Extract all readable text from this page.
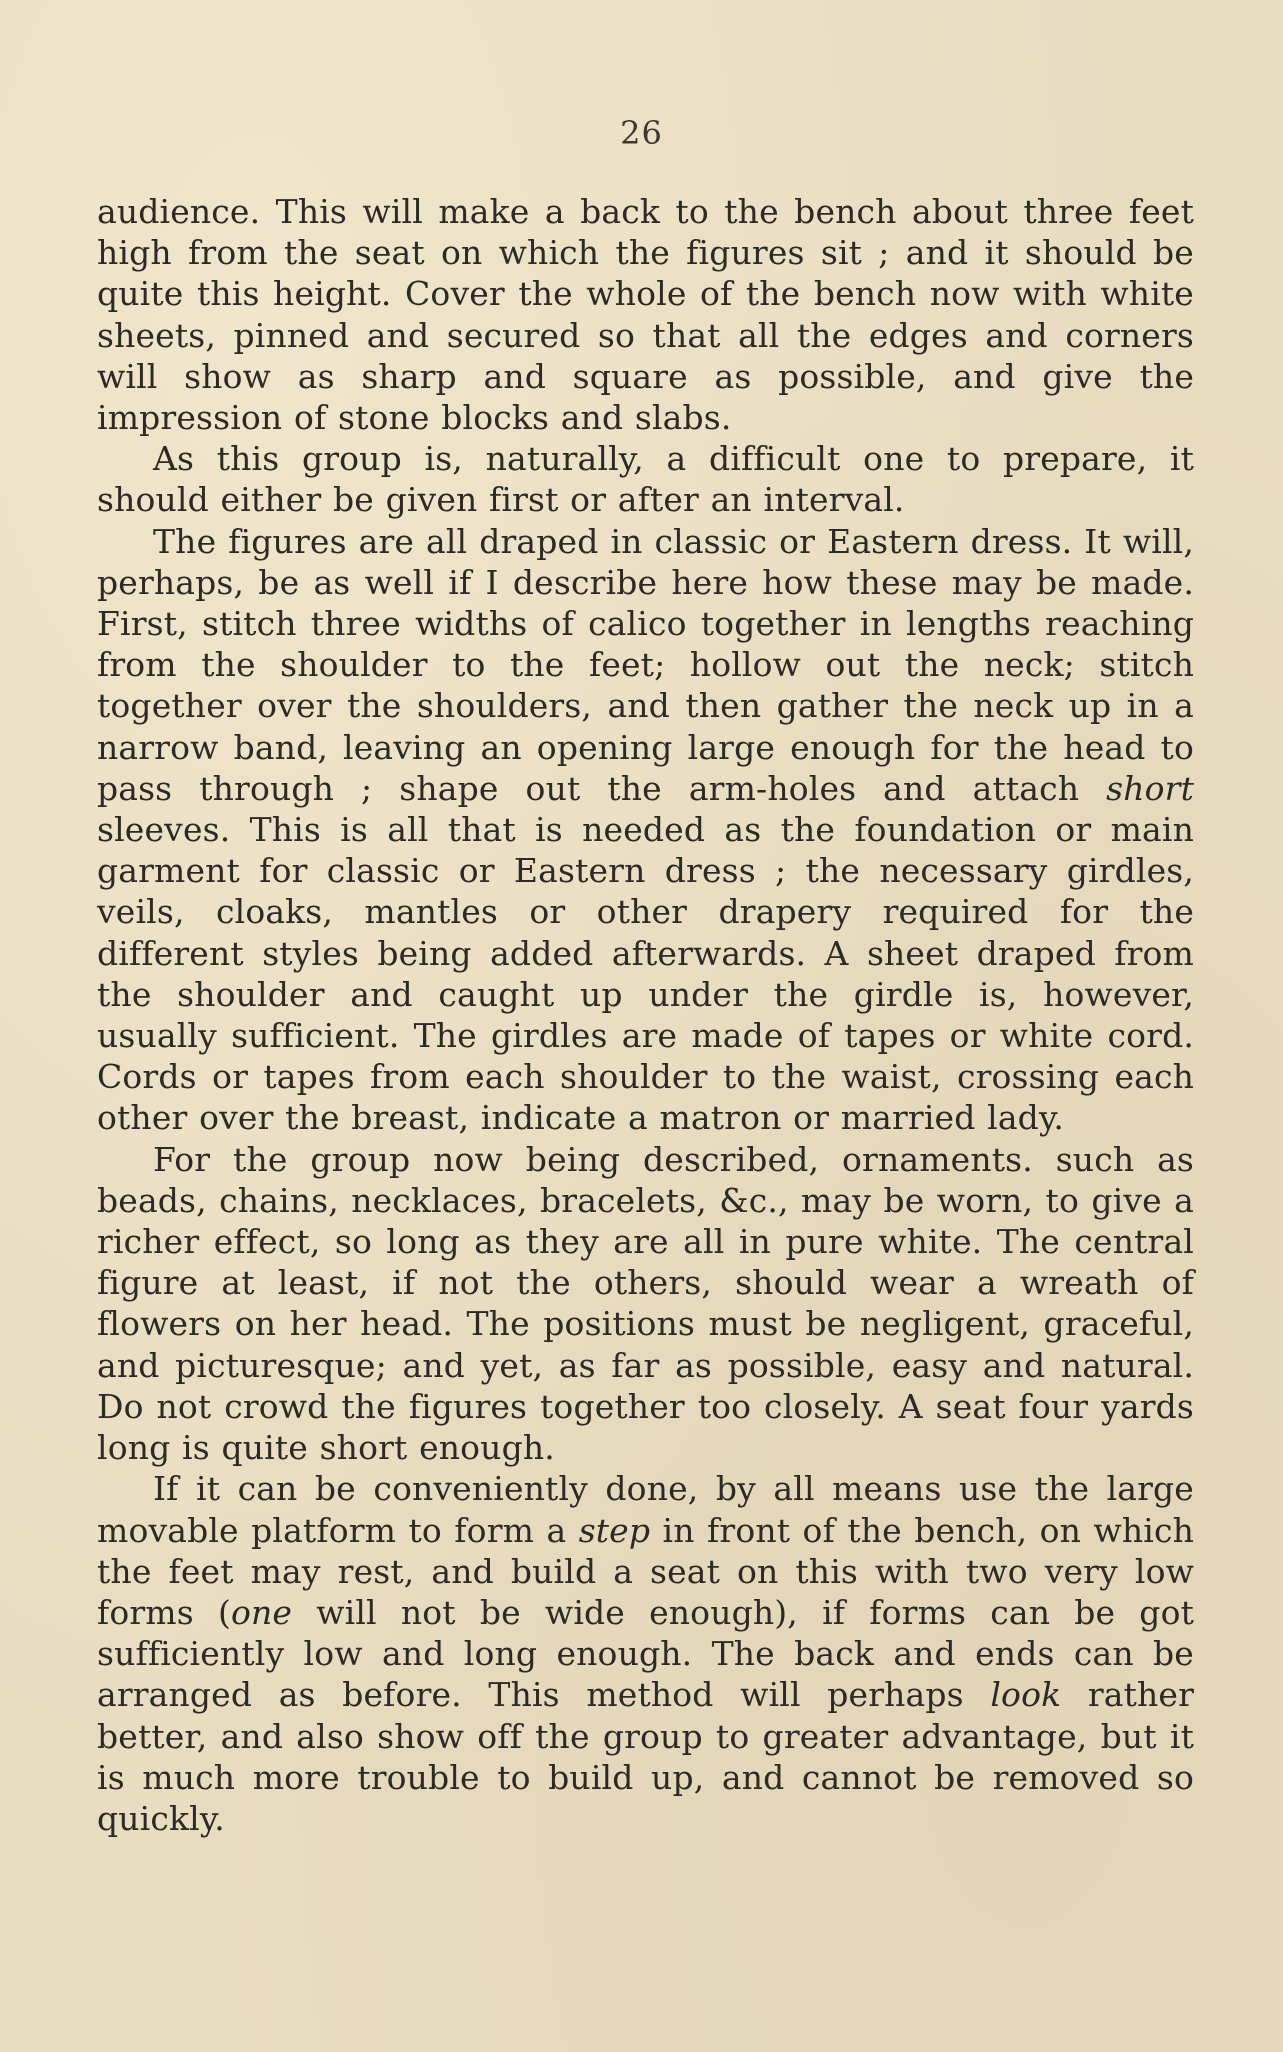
26

audience. This will make a back to the bench about three feet high from the seat on which the figures sit ; and it should be quite this height. Cover the whole of the bench now with white sheets, pinned and secured so that all the edges and corners will show as sharp and square as possible, and give the impression of stone blocks and slabs.

As this group is, naturally, a difficult one to prepare, it should either be given first or after an interval.

The figures are all draped in classic or Eastern dress. It will, perhaps, be as well if I describe here how these may be made. First, stitch three widths of calico together in lengths reaching from the shoulder to the feet; hollow out the neck; stitch together over the shoulders, and then gather the neck up in a narrow band, leaving an opening large enough for the head to pass through ; shape out the arm-holes and attach short sleeves. This is all that is needed as the foundation or main garment for classic or Eastern dress ; the necessary girdles, veils, cloaks, mantles or other drapery required for the different styles being added afterwards. A sheet draped from the shoulder and caught up under the girdle is, however, usually sufficient. The girdles are made of tapes or white cord. Cords or tapes from each shoulder to the waist, crossing each other over the breast, indicate a matron or married lady.

For the group now being described, ornaments. such as beads, chains, necklaces, bracelets, &c., may be worn, to give a richer effect, so long as they are all in pure white. The central figure at least, if not the others, should wear a wreath of flowers on her head. The positions must be negligent, graceful, and picturesque; and yet, as far as possible, easy and natural. Do not crowd the figures together too closely. A seat four yards long is quite short enough.

If it can be conveniently done, by all means use the large movable platform to form a step in front of the bench, on which the feet may rest, and build a seat on this with two very low forms (one will not be wide enough), if forms can be got sufficiently low and long enough. The back and ends can be arranged as before. This method will perhaps look rather better, and also show off the group to greater advantage, but it is much more trouble to build up, and cannot be removed so quickly.
